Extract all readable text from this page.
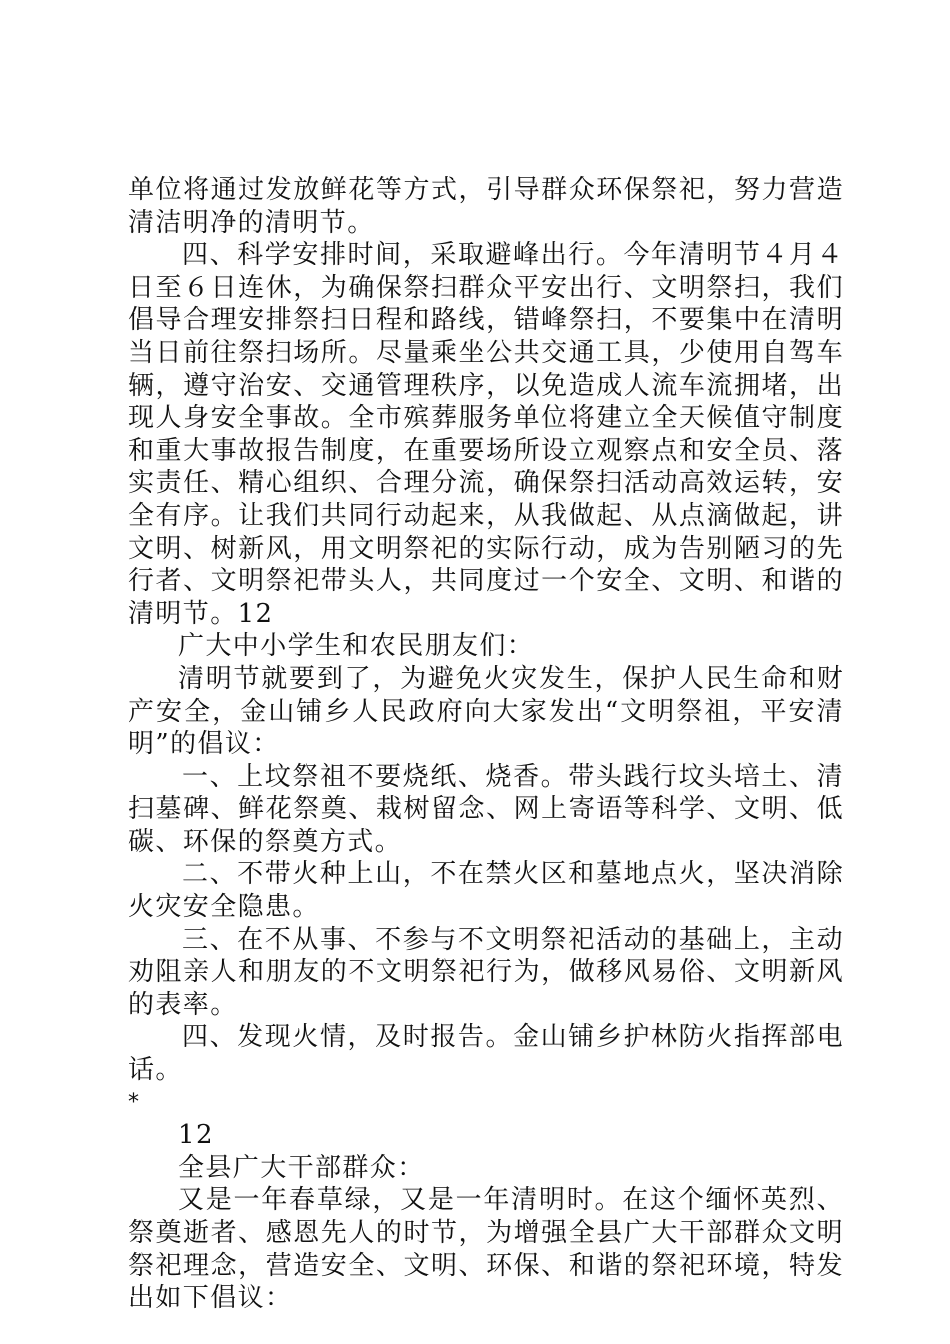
单位将通过发放鲜花等方式，引导群众环保祭祀，努力营造清洁明净的清明节。

四、科学安排时间，采取避峰出行。今年清明节４月４日至６日连休，为确保祭扫群众平安出行、文明祭扫，我们倡导合理安排祭扫日程和路线，错峰祭扫，不要集中在清明当日前往祭扫场所。尽量乘坐公共交通工具，少使用自驾车辆，遵守治安、交通管理秩序，以免造成人流车流拥堵，出现人身安全事故。全市殡葬服务单位将建立全天候值守制度和重大事故报告制度，在重要场所设立观察点和安全员、落实责任、精心组织、合理分流，确保祭扫活动高效运转，安全有序。让我们共同行动起来，从我做起、从点滴做起，讲文明、树新风，用文明祭祀的实际行动，成为告别陋习的先行者、文明祭祀带头人，共同度过一个安全、文明、和谐的清明节。12

广大中小学生和农民朋友们：

清明节就要到了，为避免火灾发生，保护人民生命和财产安全，金山铺乡人民政府向大家发出“文明祭祖，平安清明”的倡议：

一、上坟祭祖不要烧纸、烧香。带头践行坟头培土、清扫墓碑、鲜花祭奠、栽树留念、网上寄语等科学、文明、低碳、环保的祭奠方式。

二、不带火种上山，不在禁火区和墓地点火，坚决消除火灾安全隐患。

三、在不从事、不参与不文明祭祀活动的基础上，主动劝阻亲人和朋友的不文明祭祀行为，做移风易俗、文明新风的表率。

四、发现火情，及时报告。金山铺乡护林防火指挥部电话。

*

12

全县广大干部群众：

又是一年春草绿，又是一年清明时。在这个缅怀英烈、祭奠逝者、感恩先人的时节，为增强全县广大干部群众文明祭祀理念，营造安全、文明、环保、和谐的祭祀环境，特发出如下倡议：
